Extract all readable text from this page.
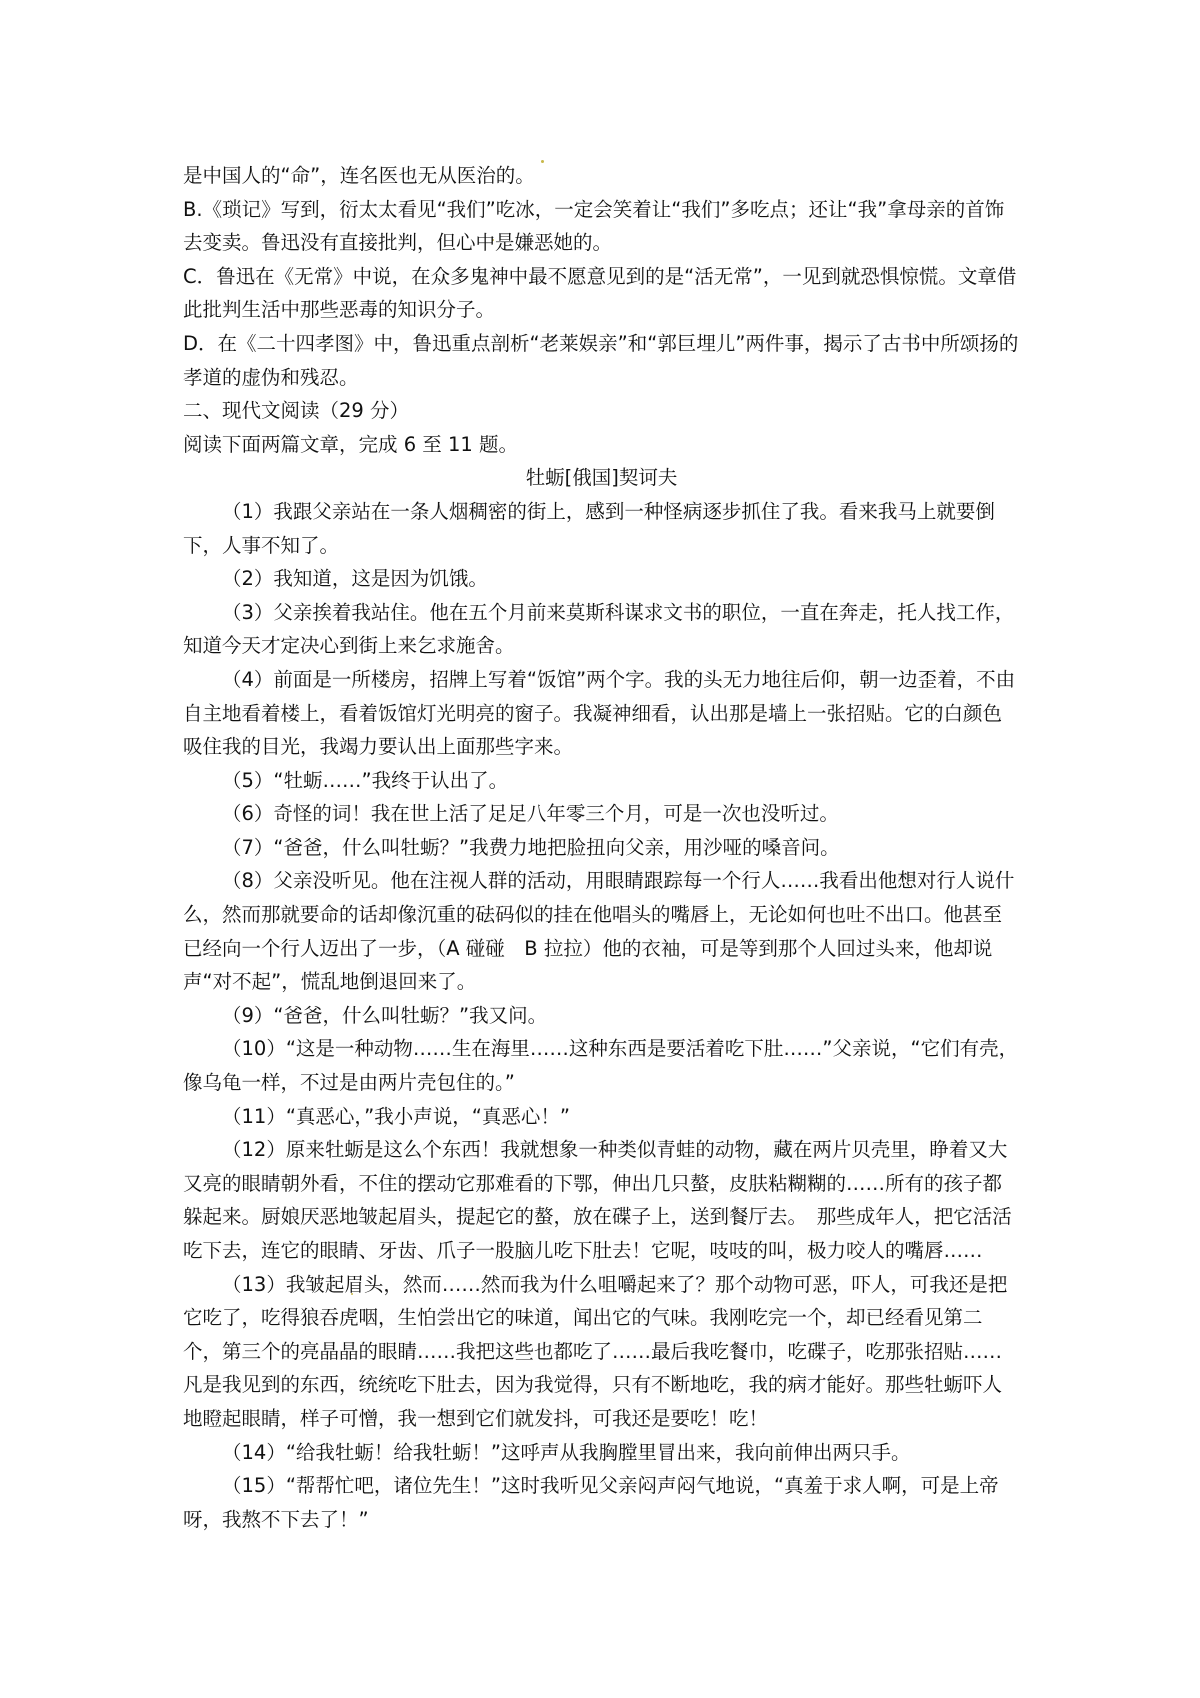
是中国人的“命”，连名医也无从医治的。

B.《琐记》写到，衍太太看见“我们”吃冰，一定会笑着让“我们”多吃点；还让“我”拿母亲的首饰去变卖。鲁迅没有直接批判，但心中是嫌恶她的。

C．鲁迅在《无常》中说，在众多鬼神中最不愿意见到的是“活无常”，一见到就恐惧惊慌。文章借此批判生活中那些恶毒的知识分子。

D．在《二十四孝图》中，鲁迅重点剖析“老莱娱亲”和“郭巨埋儿”两件事，揭示了古书中所颂扬的孝道的虚伪和残忍。

二、现代文阅读（29 分）

阅读下面两篇文章，完成 6 至 11 题。

牡蛎[俄国]契诃夫

（1）我跟父亲站在一条人烟稠密的街上，感到一种怪病逐步抓住了我。看来我马上就要倒下，人事不知了。

（2）我知道，这是因为饥饿。

（3）父亲挨着我站住。他在五个月前来莫斯科谋求文书的职位，一直在奔走，托人找工作，知道今天才定决心到街上来乞求施舍。

（4）前面是一所楼房，招牌上写着“饭馆”两个字。我的头无力地往后仰，朝一边歪着，不由自主地看着楼上，看着饭馆灯光明亮的窗子。我凝神细看，认出那是墙上一张招贴。它的白颜色吸住我的目光，我竭力要认出上面那些字来。

（5）“牡蛎……”我终于认出了。

（6）奇怪的词！我在世上活了足足八年零三个月，可是一次也没听过。

（7）“爸爸，什么叫牡蛎？”我费力地把脸扭向父亲，用沙哑的嗓音问。

（8）父亲没听见。他在注视人群的活动，用眼睛跟踪每一个行人……我看出他想对行人说什么，然而那就要命的话却像沉重的砝码似的挂在他唱头的嘴唇上，无论如何也吐不出口。他甚至已经向一个行人迈出了一步，（A 碰碰　B 拉拉）他的衣袖，可是等到那个人回过头来，他却说声“对不起”，慌乱地倒退回来了。

（9）“爸爸，什么叫牡蛎？”我又问。

（10）“这是一种动物……生在海里……这种东西是要活着吃下肚……”父亲说，“它们有壳，像乌龟一样，不过是由两片壳包住的。”

（11）“真恶心，”我小声说，“真恶心！”

（12）原来牡蛎是这么个东西！我就想象一种类似青蛙的动物，藏在两片贝壳里，睁着又大又亮的眼睛朝外看，不住的摆动它那难看的下鄂，伸出几只螯，皮肤粘糊糊的……所有的孩子都躲起来。厨娘厌恶地皱起眉头，提起它的螯，放在碟子上，送到餐厅去。　那些成年人，把它活活吃下去，连它的眼睛、牙齿、爪子一股脑儿吃下肚去！它呢，吱吱的叫，极力咬人的嘴唇……

（13）我皱起眉头，然而……然而我为什么咀嚼起来了？那个动物可恶，吓人，可我还是把它吃了，吃得狼吞虎咽，生怕尝出它的味道，闻出它的气味。我刚吃完一个，却已经看见第二个，第三个的亮晶晶的眼睛……我把这些也都吃了……最后我吃餐巾，吃碟子，吃那张招贴……凡是我见到的东西，统统吃下肚去，因为我觉得，只有不断地吃，我的病才能好。那些牡蛎吓人地瞪起眼睛，样子可憎，我一想到它们就发抖，可我还是要吃！吃！

（14）“给我牡蛎！给我牡蛎！”这呼声从我胸膛里冒出来，我向前伸出两只手。

（15）“帮帮忙吧，诸位先生！”这时我听见父亲闷声闷气地说，“真羞于求人啊，可是上帝呀，我熬不下去了！”
